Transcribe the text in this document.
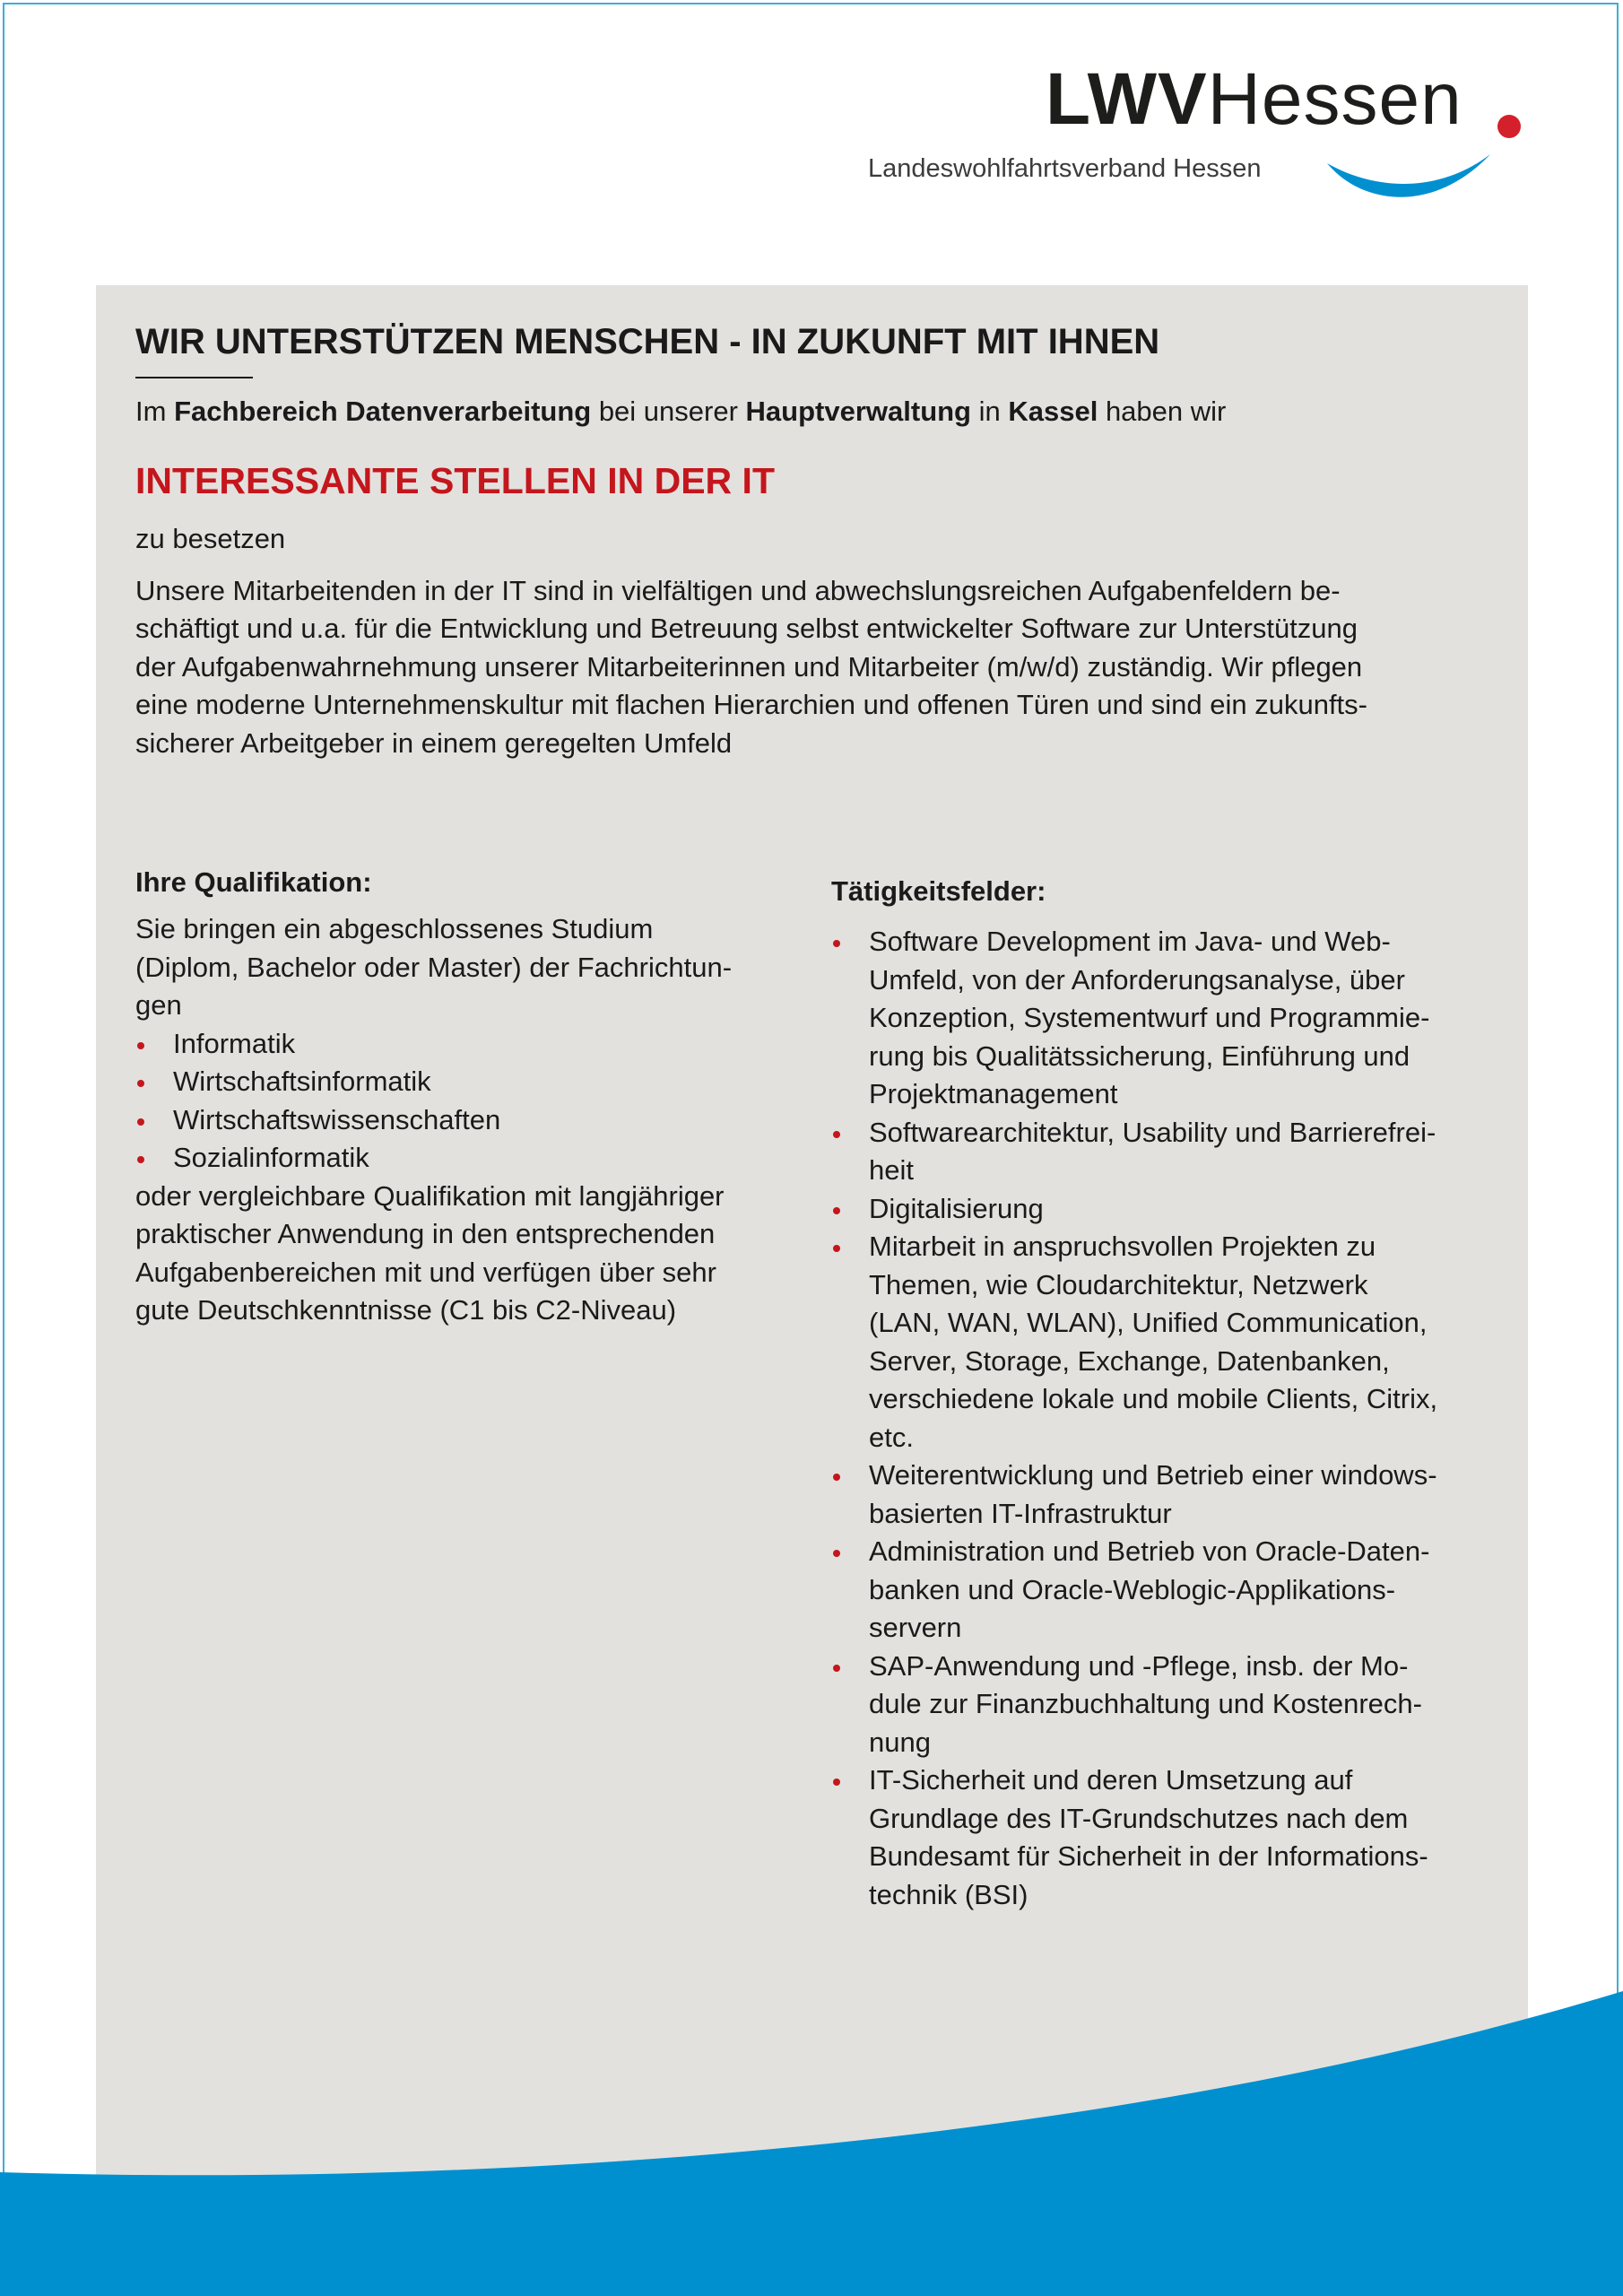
LWVHessen
Landeswohlfahrtsverband Hessen
WIR UNTERSTÜTZEN MENSCHEN - IN ZUKUNFT MIT IHNEN
Im Fachbereich Datenverarbeitung bei unserer Hauptverwaltung in Kassel haben wir
INTERESSANTE STELLEN IN DER IT
zu besetzen
Unsere Mitarbeitenden in der IT sind in vielfältigen und abwechslungsreichen Aufgabenfeldern be-
schäftigt und u.a. für die Entwicklung und Betreuung selbst entwickelter Software zur Unterstützung
der Aufgabenwahrnehmung unserer Mitarbeiterinnen und Mitarbeiter (m/w/d) zuständig. Wir pflegen
eine moderne Unternehmenskultur mit flachen Hierarchien und offenen Türen und sind ein zukunfts-
sicherer Arbeitgeber in einem geregelten Umfeld
Ihre Qualifikation:
Sie bringen ein abgeschlossenes Studium
(Diplom, Bachelor oder Master) der Fachrichtun-
gen
Informatik
Wirtschaftsinformatik
Wirtschaftswissenschaften
Sozialinformatik
oder vergleichbare Qualifikation mit langjähriger
praktischer Anwendung in den entsprechenden
Aufgabenbereichen mit und verfügen über sehr
gute Deutschkenntnisse (C1 bis C2-Niveau)
Tätigkeitsfelder:
Software Development im Java- und Web-
Umfeld, von der Anforderungsanalyse, über
Konzeption, Systementwurf und Programmie-
rung bis Qualitätssicherung, Einführung und
Projektmanagement
Softwarearchitektur, Usability und Barrierefrei-
heit
Digitalisierung
Mitarbeit in anspruchsvollen Projekten zu
Themen, wie Cloudarchitektur, Netzwerk
(LAN, WAN, WLAN), Unified Communication,
Server, Storage, Exchange, Datenbanken,
verschiedene lokale und mobile Clients, Citrix,
etc.
Weiterentwicklung und Betrieb einer windows-
basierten IT-Infrastruktur
Administration und Betrieb von Oracle-Daten-
banken und Oracle-Weblogic-Applikations-
servern
SAP-Anwendung und -Pflege, insb. der Mo-
dule zur Finanzbuchhaltung und Kostenrech-
nung
IT-Sicherheit und deren Umsetzung auf
Grundlage des IT-Grundschutzes nach dem
Bundesamt für Sicherheit in der Informations-
technik (BSI)
